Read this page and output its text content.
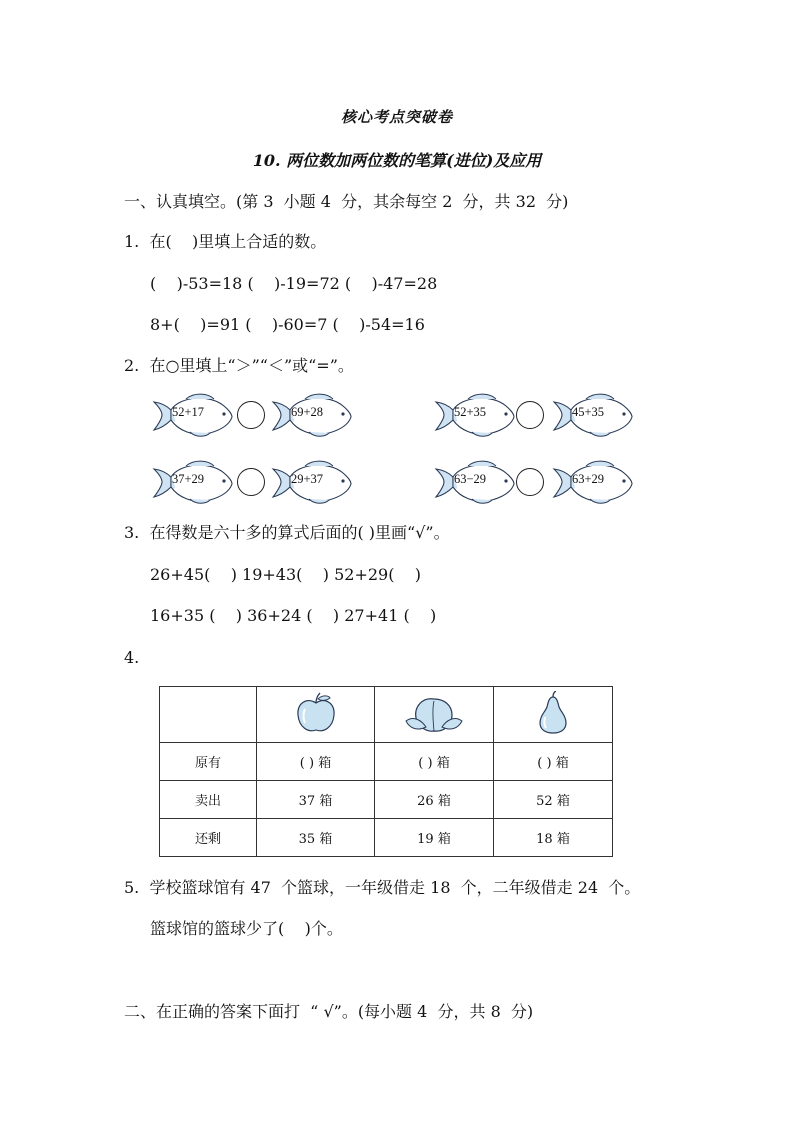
核心考点突破卷
10. 两位数加两位数的笔算(进位)及应用
一、认真填空。(第 3  小题 4  分，其余每空 2  分，共 32  分)
1.  在(    )里填上合适的数。
(    )-53=18 (    )-19=72 (    )-47=28
8+(    )=91 (    )-60=7 (    )-54=16
2.  在○里填上“＞”“＜”或“=”。
52+17	69+28	52+35	45+35
37+29	29+37	63−29	63+29
3.  在得数是六十多的算式后面的( )里画“√”。
26+45(    ) 19+43(    ) 52+29(    )
16+35 (    ) 36+24 (    ) 27+41 (    )
4.

原有	( ) 箱	( ) 箱	( ) 箱
卖出	37 箱	26 箱	52 箱
还剩	35 箱	19 箱	18 箱
5.  学校篮球馆有 47  个篮球，一年级借走 18  个，二年级借走 24  个。
篮球馆的篮球少了(    )个。
二、在正确的答案下面打  “ √”。(每小题 4  分，共 8  分)
